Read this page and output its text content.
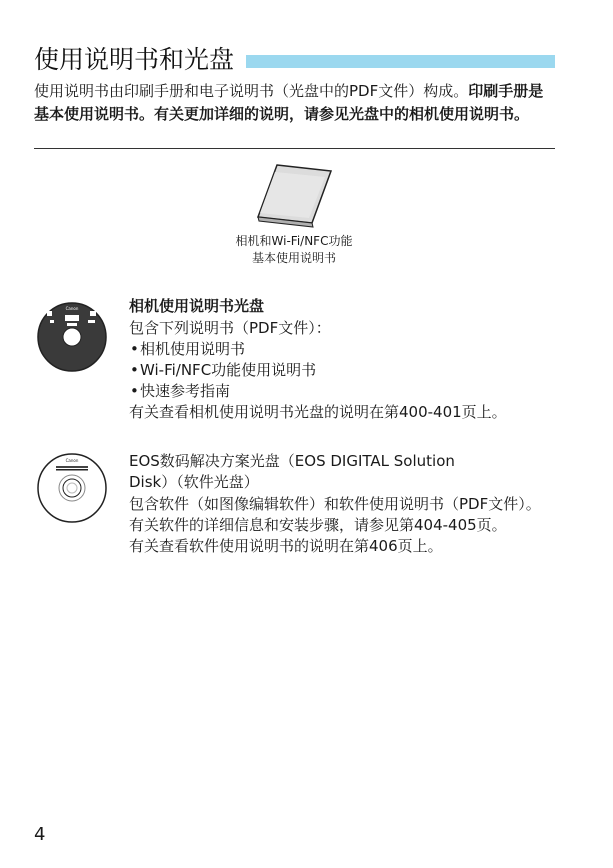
使用说明书和光盘
使用说明书由印刷手册和电子说明书（光盘中的PDF文件）构成。印刷手册是基本使用说明书。有关更加详细的说明，请参见光盘中的相机使用说明书。
相机和Wi-Fi/NFC功能
基本使用说明书
Canon	相机使用说明书光盘
包含下列说明书（PDF文件）：
• 相机使用说明书
• Wi-Fi/NFC功能使用说明书
• 快速参考指南
有关查看相机使用说明书光盘的说明在第400-401页上。
Canon	EOS数码解决方案光盘（EOS DIGITAL Solution
Disk）（软件光盘）
包含软件（如图像编辑软件）和软件使用说明书（PDF文件）。
有关软件的详细信息和安装步骤，请参见第404-405页。
有关查看软件使用说明书的说明在第406页上。
4
